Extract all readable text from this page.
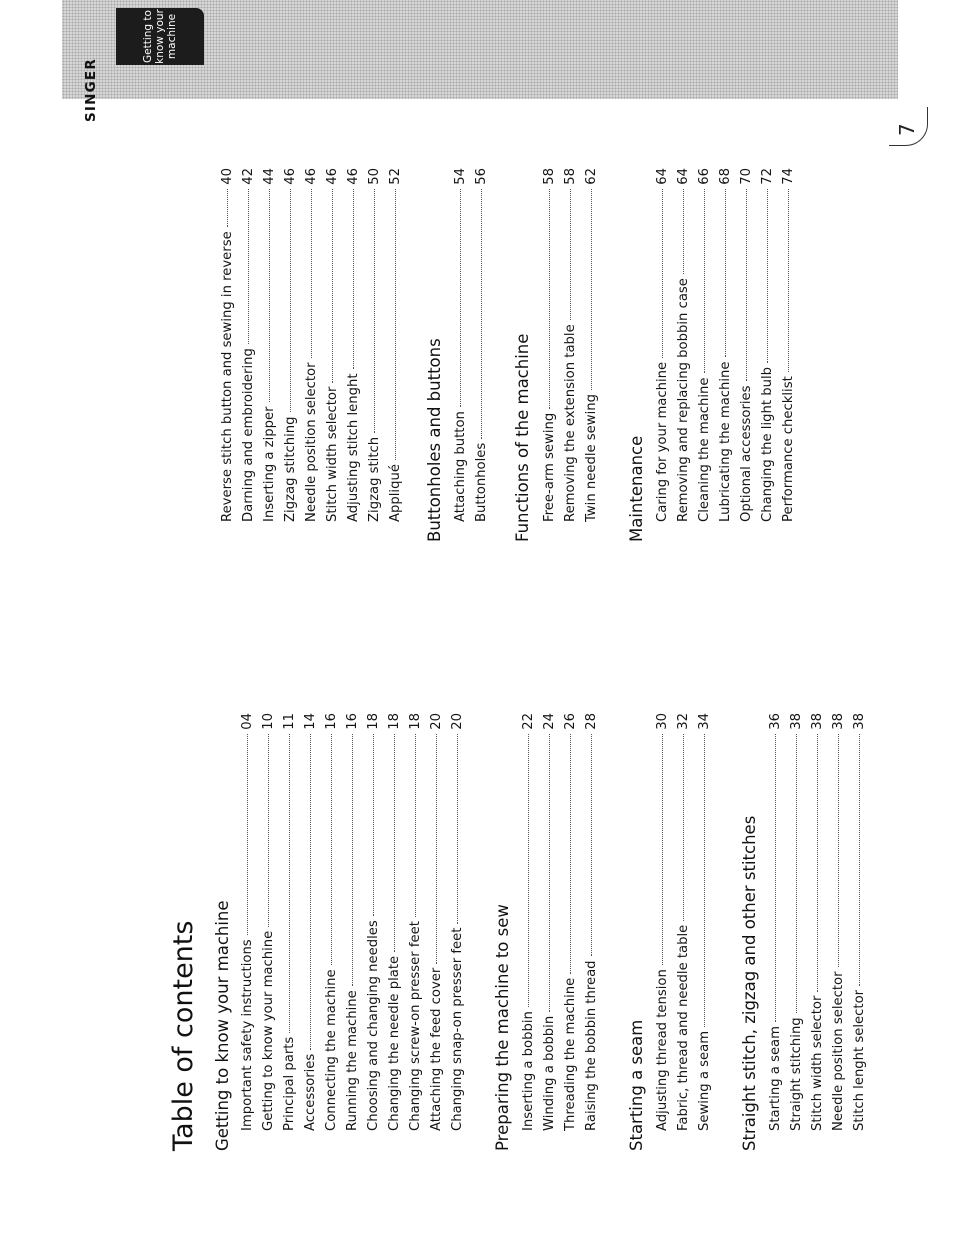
Getting to know your machine
SINGER
Table of contents Getting to know your machine Important safety instructions
04
Getting to know your machine
10
Principal parts
11
Accessories
14
Connecting the machine
16
Running the machine
16
Choosing and changing needles
18
Changing the needle plate
18
Changing screw-on presser feet
18
Attaching the feed cover
20
Changing snap-on presser feet
20
Preparing the machine to sew Inserting a bobbin
22
Winding a bobbin
24
Threading the machine
26
Raising the bobbin thread
28
Starting a seam Adjusting thread tension
30
Fabric, thread and needle table
32
Sewing a seam
34
Straight stitch, zigzag and other stitches Starting a seam
36
Straight stitching
38
Stitch width selector
38
Needle position selector
38
Stitch lenght selector
38
Reverse stitch button and sewing in reverse
40
Darning and embroidering
42
Inserting a zipper
44
Zigzag stitching
46
Needle position selector
46
Stitch width selector
46
Adjusting stitch lenght
46
Zigzag stitch
50
Appliqué
52
Buttonholes and buttons Attaching button
54
Buttonholes
56
Functions of the machine Free-arm sewing
58
Removing the extension table
58
Twin needle sewing
62
Maintenance Caring for your machine
64
Removing and replacing bobbin case
64
Cleaning the machine
66
Lubricating the machine
68
Optional accessories
70
Changing the light bulb
72
Performance checklist
74
7
